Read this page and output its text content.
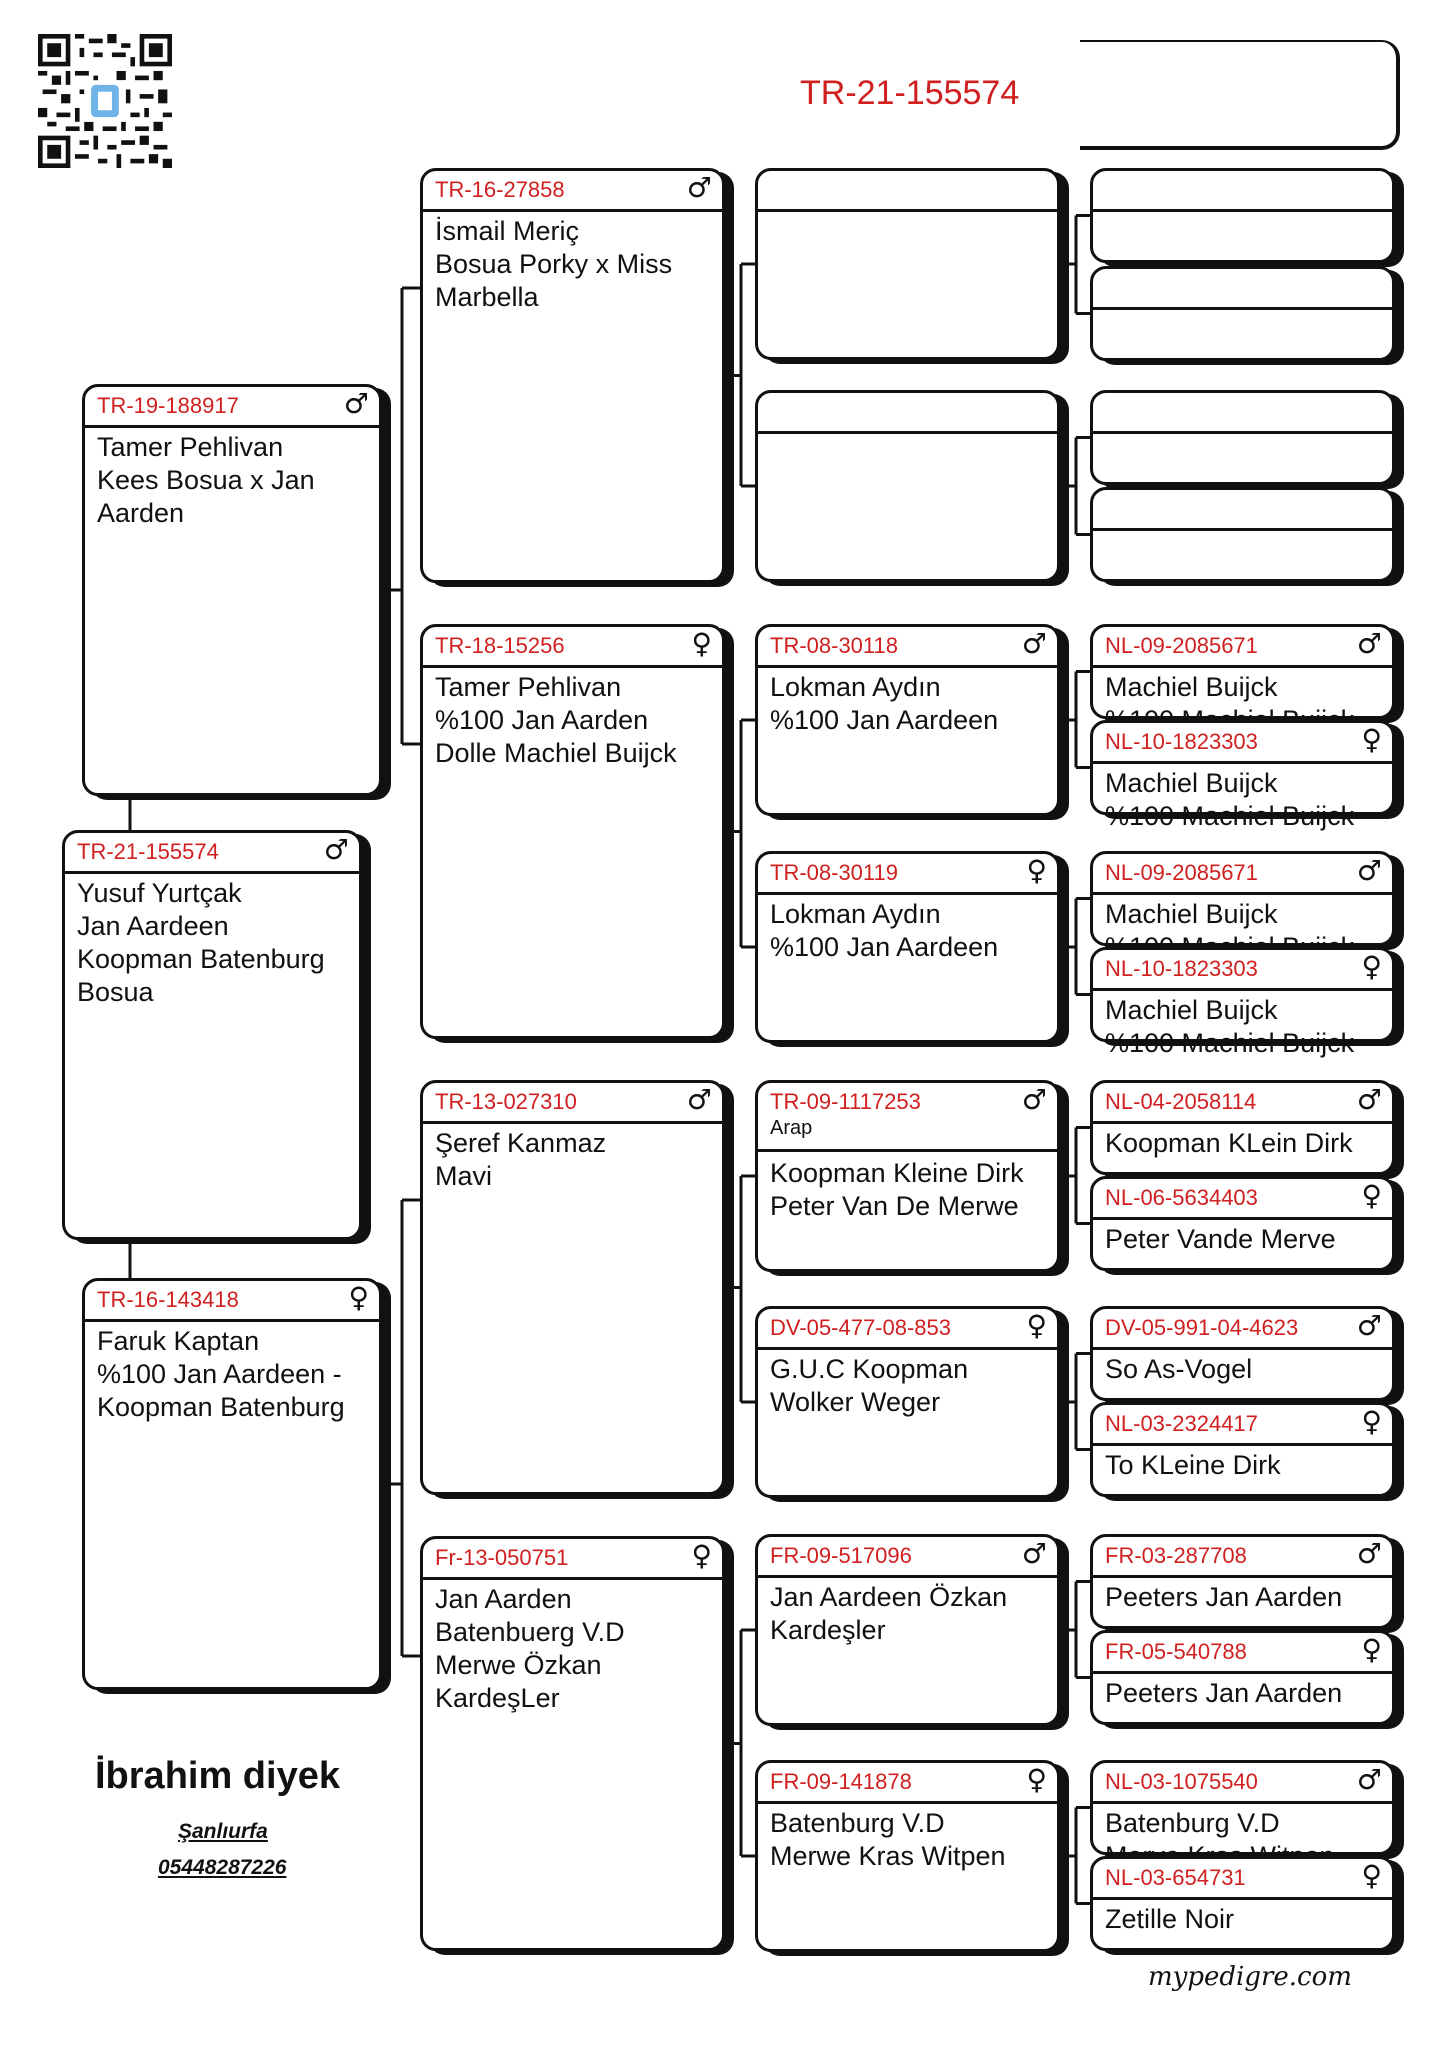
TR-21-155574
TR-21-155574	♂
Yusuf Yurtçak
Jan Aardeen
Koopman Batenburg
Bosua
TR-19-188917	♂
Tamer Pehlivan
Kees Bosua x Jan
Aarden
TR-16-143418	♀
Faruk Kaptan
%100 Jan Aardeen -
Koopman Batenburg
TR-16-27858	♂
İsmail Meriç
Bosua Porky x Miss
Marbella
TR-18-15256	♀
Tamer Pehlivan
%100 Jan Aarden
Dolle Machiel Buijck
TR-13-027310	♂
Şeref Kanmaz
Mavi
Fr-13-050751	♀
Jan Aarden
Batenbuerg V.D
Merwe Özkan
KardeşLer
TR-08-30118	♂
Lokman Aydın
%100 Jan Aardeen
TR-08-30119	♀
Lokman Aydın
%100 Jan Aardeen
TR-09-1117253	♂
Arap
Koopman Kleine Dirk
Peter Van De Merwe
DV-05-477-08-853	♀
G.U.C Koopman
Wolker Weger
FR-09-517096	♂
Jan Aardeen Özkan
Kardeşler
FR-09-141878	♀
Batenburg V.D
Merwe Kras Witpen
NL-09-2085671	♂
Machiel Buijck
NL-10-1823303	♀
Machiel Buijck
%100 Machiel Buijck
NL-09-2085671	♂
Machiel Buijck
NL-10-1823303	♀
Machiel Buijck
%100 Machiel Buijck
NL-04-2058114	♂
Koopman KLein Dirk
NL-06-5634403	♀
Peter Vande Merve
DV-05-991-04-4623 ♂
So As-Vogel
NL-03-2324417	♀
To KLeine Dirk
FR-03-287708	♂
Peeters Jan Aarden
FR-05-540788	♀
Peeters Jan Aarden
NL-03-1075540	♂
Batenburg V.D
NL-03-654731	♀
Zetille Noir
İbrahim diyek
Şanlıurfa
05448287226
mypedigre.com
